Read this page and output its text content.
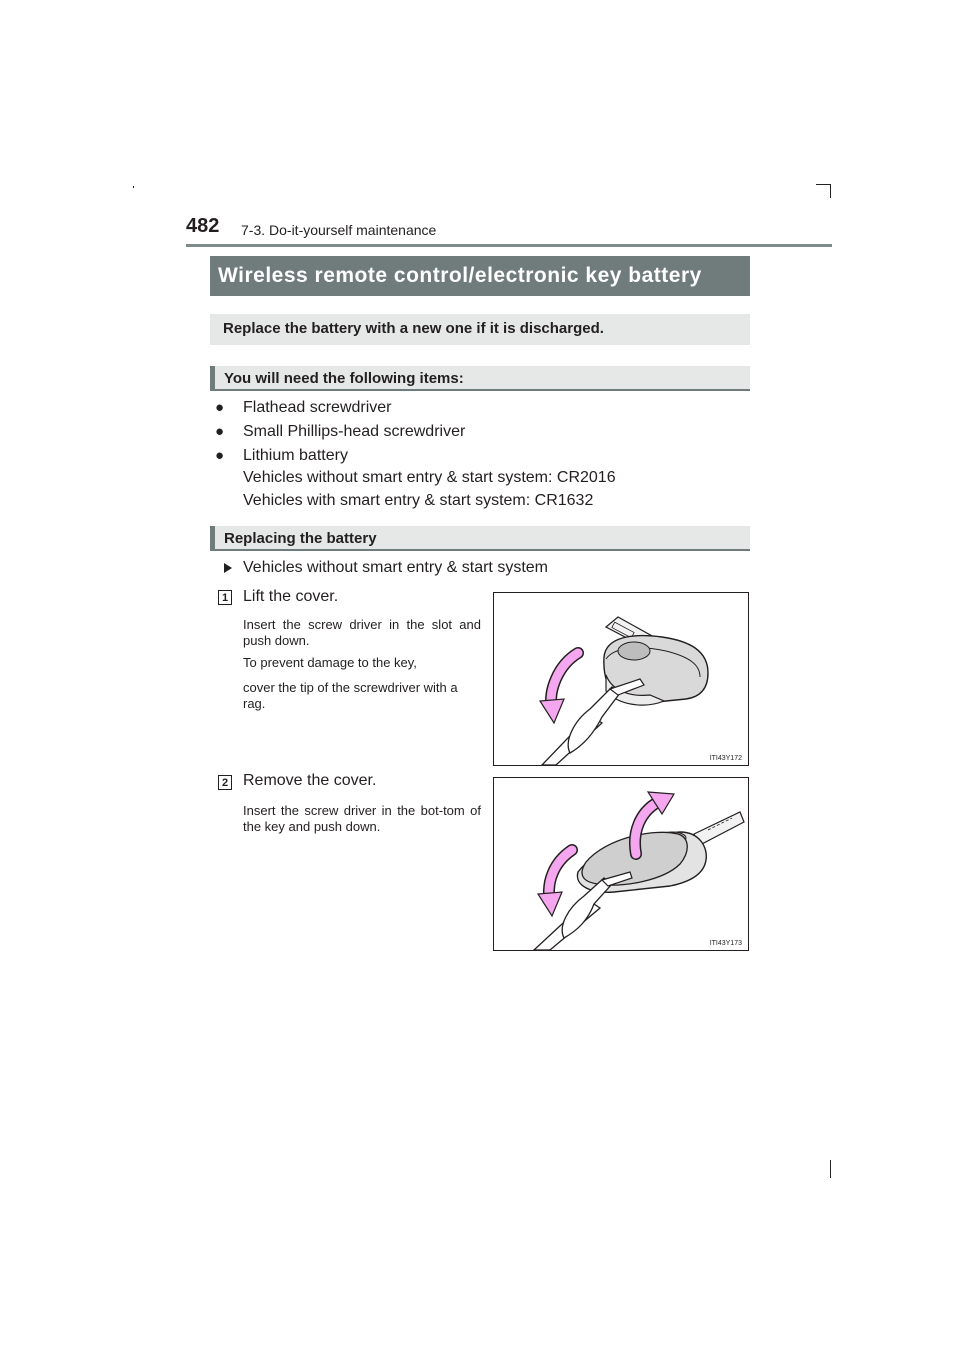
482 7-3. Do-it-yourself maintenance
Wireless remote control/electronic key battery
Replace the battery with a new one if it is discharged.
You will need the following items:
● Flathead screwdriver
● Small Phillips-head screwdriver
● Lithium battery
Vehicles without smart entry & start system: CR2016
Vehicles with smart entry & start system: CR1632
Replacing the battery
Vehicles without smart entry & start system
1 Lift the cover.
Insert the screw driver in the slot and push down.
To prevent damage to the key,
cover the tip of the screwdriver with a rag.
ITI43Y172
2 Remove the cover.
Insert the screw driver in the bot-tom of the key and push down.
ITI43Y173
